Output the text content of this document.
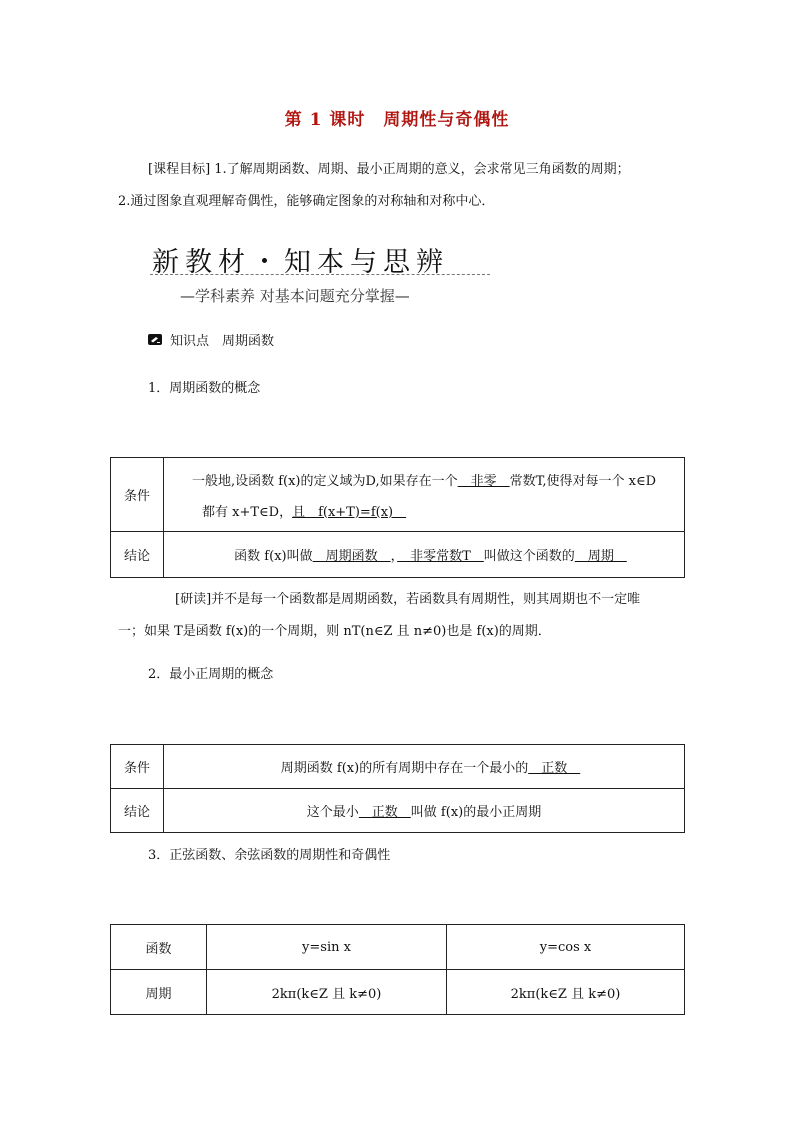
第 1 课时　周期性与奇偶性
[课程目标] 1.了解周期函数、周期、最小正周期的意义，会求常见三角函数的周期；
2.通过图象直观理解奇偶性，能够确定图象的对称轴和对称中心．
新教材・知本与思辨
—学科素养 对基本问题充分掌握—
知识点　周期函数
1．周期函数的概念
条件	一般地,设函数 f(x)的定义域为D,如果存在一个　非零　常数T,使得对每一个 x∈D
都有 x+T∈D，且　f(x+T)=f(x)　

结论	函数 f(x)叫做　周期函数　，　非零常数T　叫做这个函数的　周期　
[研读]并不是每一个函数都是周期函数，若函数具有周期性，则其周期也不一定唯
一；如果 T是函数 f(x)的一个周期，则 nT(n∈Z 且 n≠0)也是 f(x)的周期．
2．最小正周期的概念
条件	周期函数 f(x)的所有周期中存在一个最小的　正数　
结论	这个最小　正数　叫做 f(x)的最小正周期
3．正弦函数、余弦函数的周期性和奇偶性
函数	y=sin x	y=cos x
周期	2kπ(k∈Z 且 k≠0)	2kπ(k∈Z 且 k≠0)
